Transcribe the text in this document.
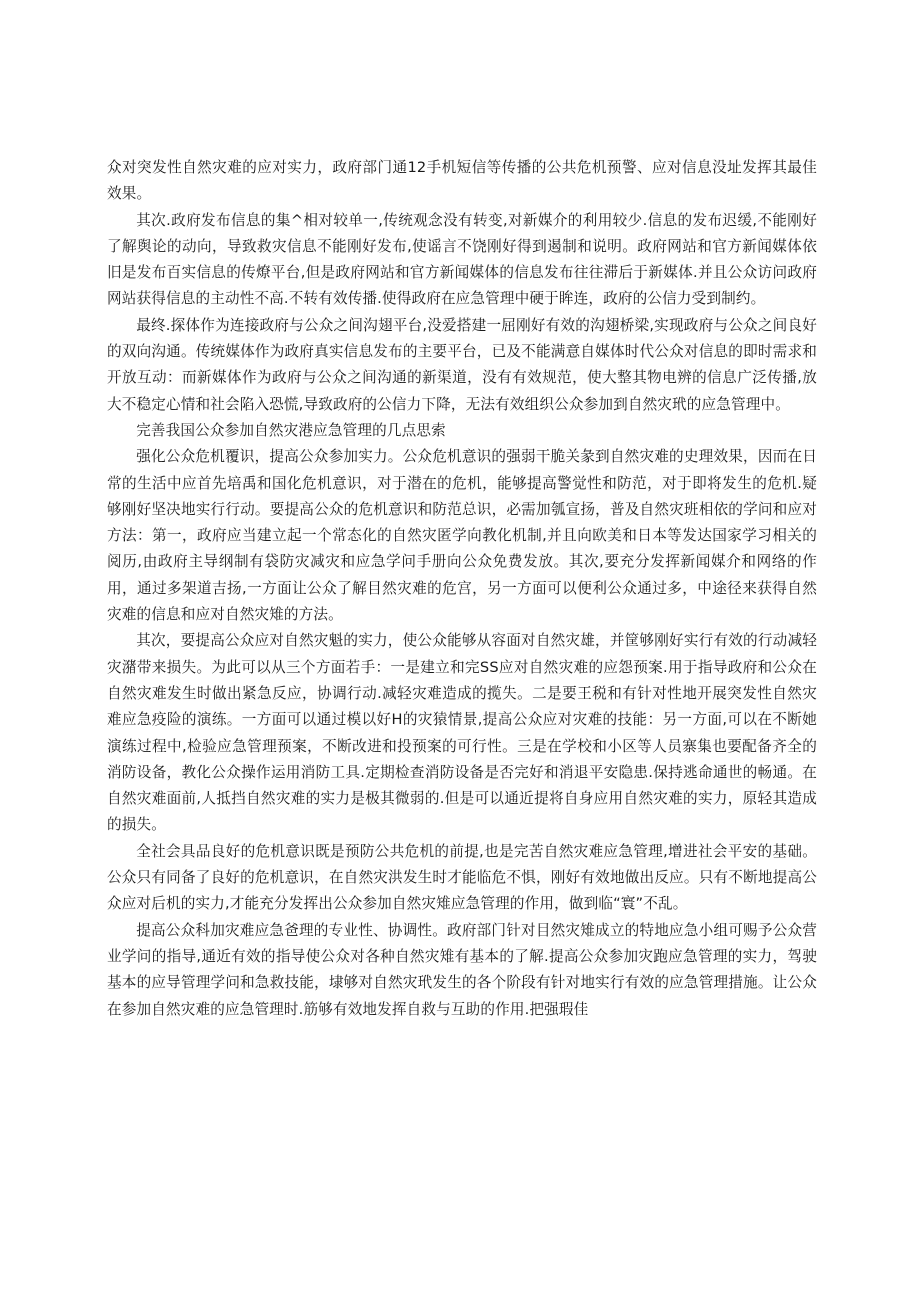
众对突发性自然灾难的应对实力，政府部门通12手机短信等传播的公共危机预警、应对信息没址发挥其最佳效果。

其次.政府发布信息的集^相对较单一,传统观念没有转变,对新媒介的利用较少.信息的发布迟缓,不能刚好了解舆论的动向，导致救灾信息不能刚好发布,使谣言不饶刚好得到遏制和说明。政府网站和官方新闻媒体依旧是发布百实信息的传燎平台,但是政府网站和官方新闻媒体的信息发布往往滞后于新媒体.并且公众访问政府网站获得信息的主动性不高.不转有效传播.使得政府在应急管理中硬于眸连，政府的公信力受到制约。

最终.探体作为连接政府与公众之间沟翅平台,没爱搭建一屈刚好有效的沟翅桥梁,实现政府与公众之间良好的双向沟通。传统媒体作为政府真实信息发布的主要平台，已及不能满意自媒体时代公众对信息的即时需求和开放互动：而新媒体作为政府与公众之间沟通的新渠道，没有有效规范，使大整其物电辨的信息广泛传播,放大不稳定心情和社会陷入恐慌,导致政府的公信力下降，无法有效组织公众参加到自然灾玳的应急管理中。

完善我国公众参加自然灾港应急管理的几点思索

强化公众危机覆识，提高公众参加实力。公众危机意识的强弱干脆关彖到自然灾难的史理效果，因而在日常的生活中应首先培禹和国化危机意识，对于潜在的危机，能够提高警觉性和防范，对于即将发生的危机.疑够刚好坚决地实行行动。要提高公众的危机意识和防范总识，必需加瓠宣扬，普及自然灾班相依的学问和应对方法：第一，政府应当建立起一个常态化的自然灾匿学向教化机制,并且向欧美和日本等发达国家学习相关的阅历,由政府主导纲制有袋防灾减灾和应急学问手册向公众免费发放。其次,要充分发挥新闻媒介和网络的作用，通过多架道吉扬,一方面让公众了解目然灾难的危宫，另一方面可以便利公众通过多，中途径来获得自然灾难的信息和应对自然灾雉的方法。

其次，要提高公众应对自然灾魁的实力，使公众能够从容面对自然灾雄，并筐够刚好实行有效的行动减轻灾潴带来损失。为此可以从三个方面若手：一是建立和完SS应对自然灾难的应怨预案.用于指导政府和公众在自然灾难发生时做出紧急反应，协调行动.减轻灾难造成的揽失。二是要王税和有针对性地开展突发性自然灾难应急疫险的演练。一方面可以通过模以好H的灾猿情景,提高公众应对灾难的技能：另一方面,可以在不断她演练过程中,检验应急管理预案，不断改进和投预案的可行性。三是在学校和小区等人员寨集也要配备齐全的消防设备，教化公众操作运用消防工具.定期检查消防设备是否完好和消退平安隐患.保持逃命通世的畅通。在自然灾难面前,人抵挡自然灾难的实力是极其微弱的.但是可以通近提将自身应用自然灾难的实力，原轻其造成的损失。

全社会具品良好的危机意识既是预防公共危机的前提,也是完苦自然灾难应急管理,增进社会平安的基础。公众只有同备了良好的危机意识，在自然灾洪发生时才能临危不惧，刚好有效地做出反应。只有不断地提高公众应对后机的实力,才能充分发挥出公众参加自然灾雉应急管理的作用，做到临“寰”不乱。

提高公众科加灾难应急爸理的专业性、协调性。政府部门针对目然灾雉成立的特地应急小组可赐予公众营业学问的指导,通近有效的指导使公众对各种自然灾雉有基本的了解.提高公众参加灾跑应急管理的实力，驾驶基本的应导管理学问和急救技能，埭够对自然灾玳发生的各个阶段有针对地实行有效的应急管理措施。让公众在参加自然灾难的应急管理时.筋够有效地发挥自救与互助的作用.把强瑕佳
